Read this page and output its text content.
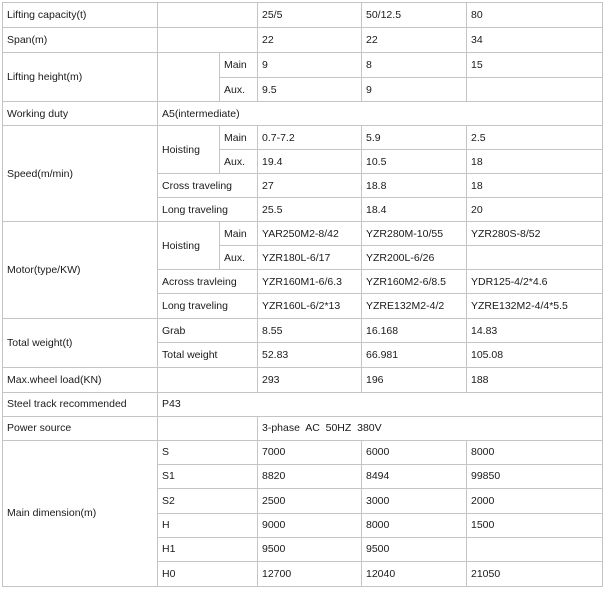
Lifting capacity(t)			25/5	50/12.5	80
Span(m)			22	22	34
Lifting height(m)		Main	9	8	15
		Aux.	9.5	9	
Working duty	A5(intermediate)				
Speed(m/min)	Hoisting	Main	0.7-7.2	5.9	2.5
		Aux.	19.4	10.5	18
	Cross traveling		27	18.8	18
	Long traveling		25.5	18.4	20
Motor(type/KW)	Hoisting	Main	YAR250M2-8/42	YZR280M-10/55	YZR280S-8/52
		Aux.	YZR180L-6/17	YZR200L-6/26	
	Across travleing		YZR160M1-6/6.3	YZR160M2-6/8.5	YDR125-4/2*4.6
	Long traveling		YZR160L-6/2*13	YZRE132M2-4/2	YZRE132M2-4/4*5.5
Total weight(t)	Grab		8.55	16.168	14.83
	Total weight		52.83	66.981	105.08
Max.wheel load(KN)			293	196	188
Steel track recommended	P43				
Power source			3-phase  AC  50HZ  380V		
Main dimension(m)	S		7000	6000	8000
	S1		8820	8494	99850
	S2		2500	3000	2000
	H		9000	8000	1500
	H1		9500	9500	
	H0		12700	12040	21050
